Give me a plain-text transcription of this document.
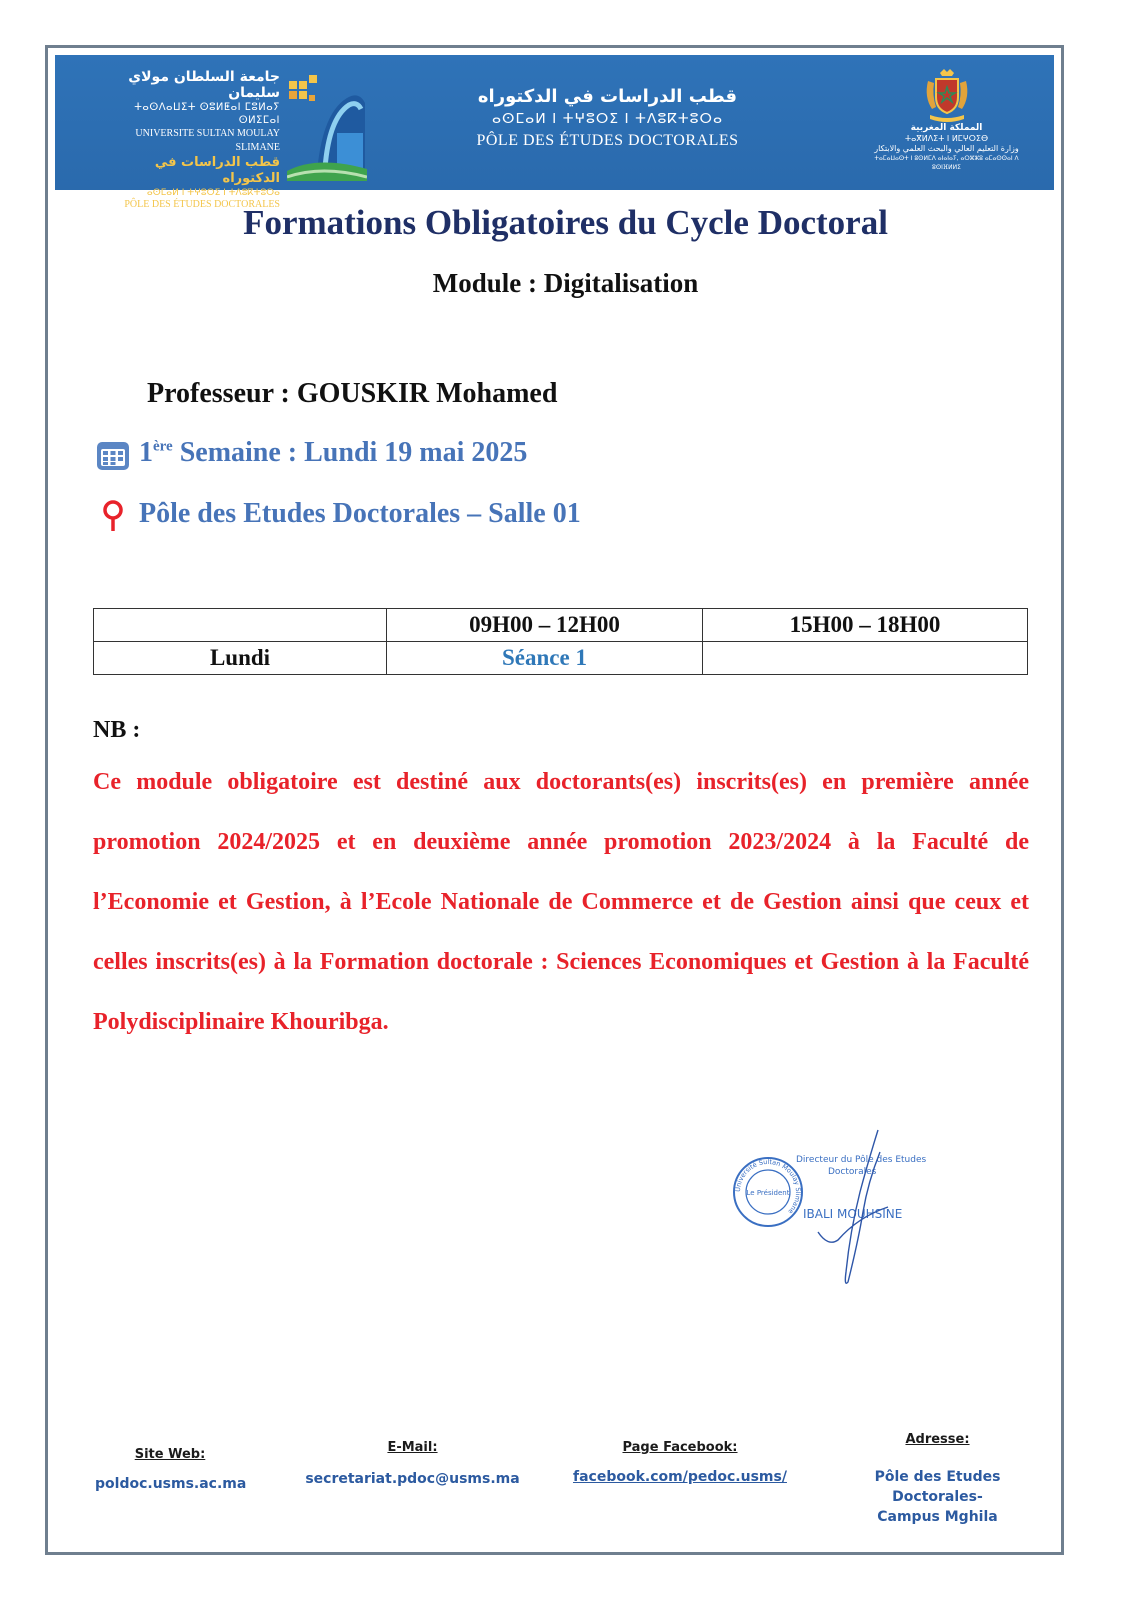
جامعة السلطان مولاي سليمان
ⵜⴰⵙⴷⴰⵡⵉⵜ ⵙⵓⵍⵟⴰⵏ ⵎⵓⵍⴰⵢ ⵙⵍⵉⵎⴰⵏ
UNIVERSITE SULTAN MOULAY SLIMANE
قطب الدراسات في الدكتوراه
ⴰⵙⵎⴰⵍ ⵏ ⵜⵖⵓⵔⵉ ⵏ ⵜⴷⵓⴽⵜⵓⵔⴰ
PÔLE DES ÉTUDES DOCTORALES
قطب الدراسات في الدكتوراه
ⴰⵙⵎⴰⵍ ⵏ ⵜⵖⵓⵔⵉ ⵏ ⵜⴷⵓⴽⵜⵓⵔⴰ
PÔLE DES ÉTUDES DOCTORALES
المملكة المغربية
ⵜⴰⴳⵍⴷⵉⵜ ⵏ ⵍⵎⵖⵔⵉⴱ
وزارة التعليم العالي والبحث العلمي والابتكار
ⵜⴰⵎⴰⵡⴰⵙⵜ ⵏ ⵓⵙⵍⵎⴷ ⴰⵏⴰⵏⴰⵢ, ⴰⵔⵣⵣⵓ ⴰⵎⴰⵙⵙⴰⵏ ⴷ ⵓⵙⵏⴼⵍⵍⵉ
Formations Obligatoires du Cycle Doctoral
Module : Digitalisation
Professeur : GOUSKIR Mohamed
1ère Semaine : Lundi 19 mai 2025
Pôle des Etudes Doctorales – Salle 01
	09H00 – 12H00	15H00 – 18H00
Lundi	Séance 1	
NB :
Ce module obligatoire est destiné aux doctorants(es) inscrits(es) en première année promotion 2024/2025 et en deuxième année promotion 2023/2024 à la Faculté de l’Economie et Gestion, à l’Ecole Nationale de Commerce et de Gestion ainsi que ceux et celles inscrits(es) à la Formation doctorale : Sciences Economiques et Gestion à la Faculté Polydisciplinaire Khouribga.
Université Sultan Moulay Slimane
Le Président
Directeur du Pôle des Etudes
Doctorales
IBALI MOUHSINE
Site Web:
poldoc.usms.ac.ma
E-Mail:
secretariat.pdoc@usms.ma
Page Facebook:
facebook.com/pedoc.usms/
Adresse:
Pôle des Etudes Doctorales-
Campus Mghila
